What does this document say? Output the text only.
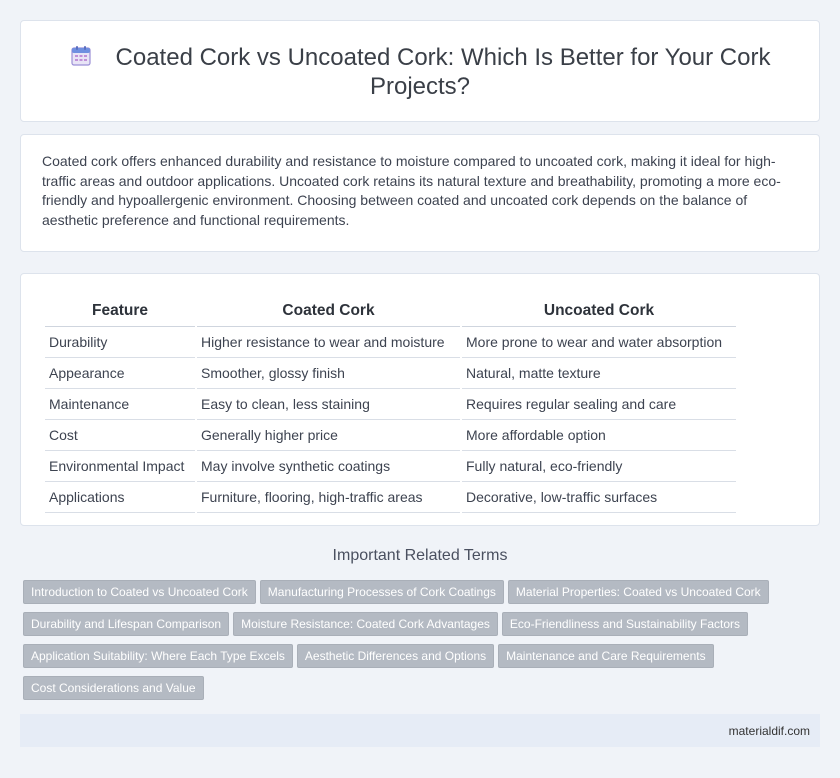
Coated Cork vs Uncoated Cork: Which Is Better for Your Cork Projects?
Coated cork offers enhanced durability and resistance to moisture compared to uncoated cork, making it ideal for high-traffic areas and outdoor applications. Uncoated cork retains its natural texture and breathability, promoting a more eco-friendly and hypoallergenic environment. Choosing between coated and uncoated cork depends on the balance of aesthetic preference and functional requirements.
Feature	Coated Cork	Uncoated Cork
Durability	Higher resistance to wear and moisture	More prone to wear and water absorption
Appearance	Smoother, glossy finish	Natural, matte texture
Maintenance	Easy to clean, less staining	Requires regular sealing and care
Cost	Generally higher price	More affordable option
Environmental Impact	May involve synthetic coatings	Fully natural, eco-friendly
Applications	Furniture, flooring, high-traffic areas	Decorative, low-traffic surfaces
Important Related Terms
Introduction to Coated vs Uncoated Cork Manufacturing Processes of Cork Coatings Material Properties: Coated vs Uncoated CorkDurability and Lifespan Comparison Moisture Resistance: Coated Cork Advantages Eco-Friendliness and Sustainability FactorsApplication Suitability: Where Each Type Excels Aesthetic Differences and Options Maintenance and Care RequirementsCost Considerations and Value
materialdif.com
